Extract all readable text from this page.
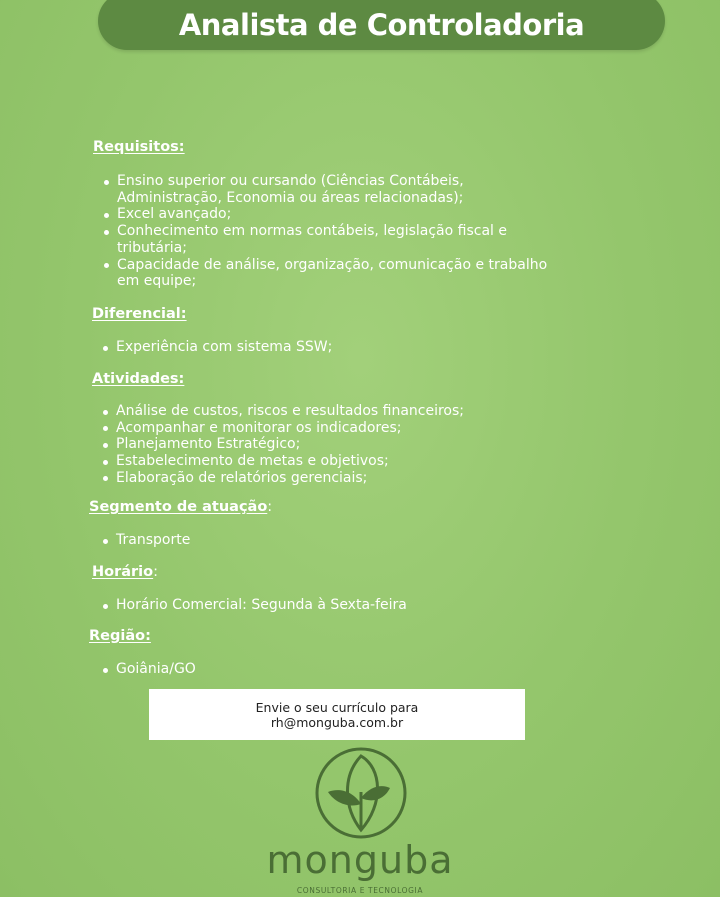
Analista de Controladoria
Requisitos:
Ensino superior ou cursando (Ciências Contábeis, Administração, Economia ou áreas relacionadas);
Excel avançado;
Conhecimento em normas contábeis, legislação fiscal e tributária;
Capacidade de análise, organização, comunicação e trabalho em equipe;
Diferencial:
Experiência com sistema SSW;
Atividades:
Análise de custos, riscos e resultados financeiros;
Acompanhar e monitorar os indicadores;
Planejamento Estratégico;
Estabelecimento de metas e objetivos;
Elaboração de relatórios gerenciais;
Segmento de atuação:
Transporte
Horário:
Horário Comercial: Segunda à Sexta-feira
Região:
Goiânia/GO
Envie o seu currículo para
rh@monguba.com.br
monguba
CONSULTORIA E TECNOLOGIA
